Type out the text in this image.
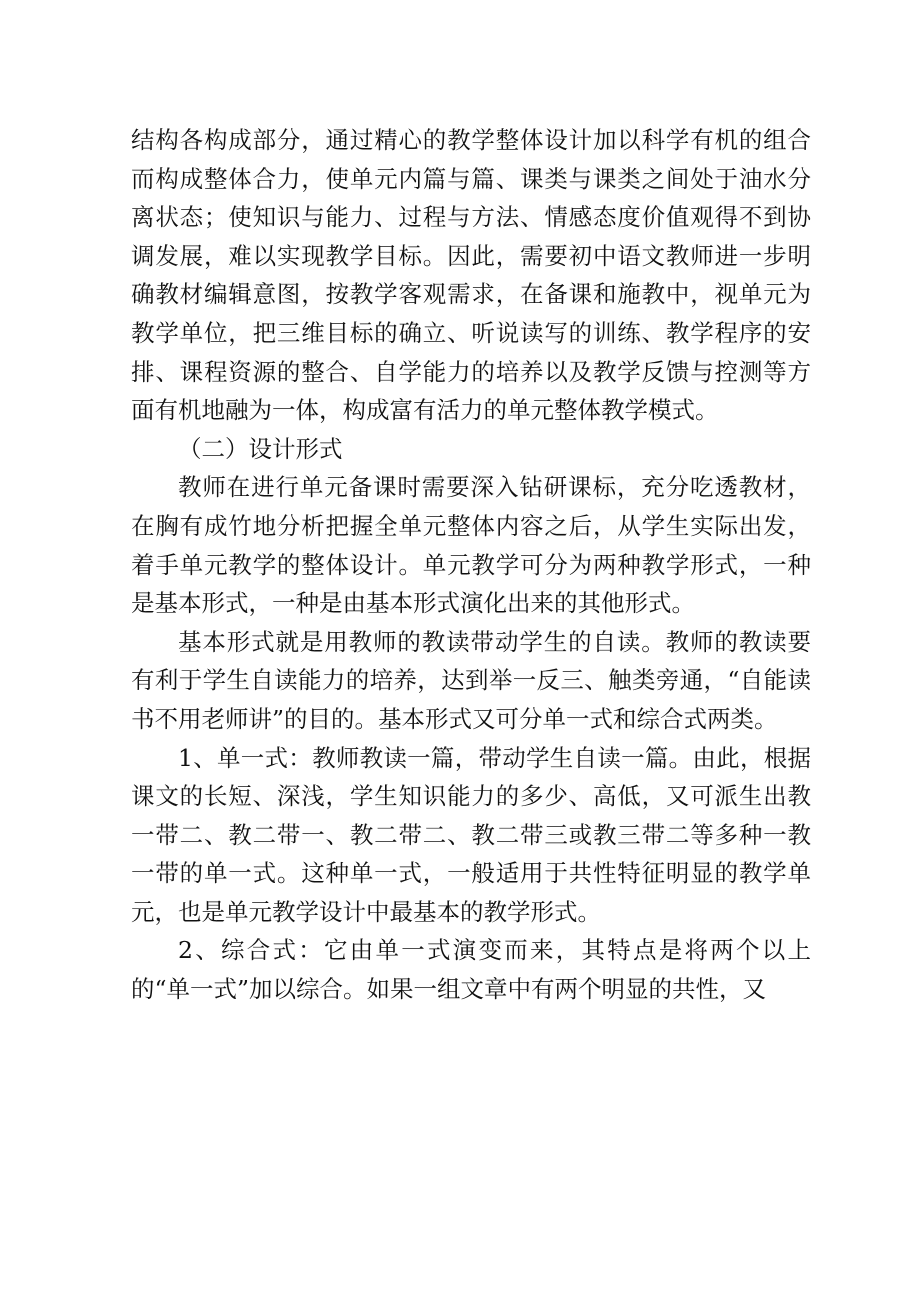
结构各构成部分，通过精心的教学整体设计加以科学有机的组合而构成整体合力，使单元内篇与篇、课类与课类之间处于油水分离状态；使知识与能力、过程与方法、情感态度价值观得不到协调发展，难以实现教学目标。因此，需要初中语文教师进一步明确教材编辑意图，按教学客观需求，在备课和施教中，视单元为教学单位，把三维目标的确立、听说读写的训练、教学程序的安排、课程资源的整合、自学能力的培养以及教学反馈与控测等方面有机地融为一体，构成富有活力的单元整体教学模式。

（二）设计形式

教师在进行单元备课时需要深入钻研课标，充分吃透教材，在胸有成竹地分析把握全单元整体内容之后，从学生实际出发，着手单元教学的整体设计。单元教学可分为两种教学形式，一种是基本形式，一种是由基本形式演化出来的其他形式。

基本形式就是用教师的教读带动学生的自读。教师的教读要有利于学生自读能力的培养，达到举一反三、触类旁通，“自能读书不用老师讲”的目的。基本形式又可分单一式和综合式两类。

1、单一式：教师教读一篇，带动学生自读一篇。由此，根据课文的长短、深浅，学生知识能力的多少、高低，又可派生出教一带二、教二带一、教二带二、教二带三或教三带二等多种一教一带的单一式。这种单一式，一般适用于共性特征明显的教学单元，也是单元教学设计中最基本的教学形式。

2、综合式：它由单一式演变而来，其特点是将两个以上的“单一式”加以综合。如果一组文章中有两个明显的共性，又
